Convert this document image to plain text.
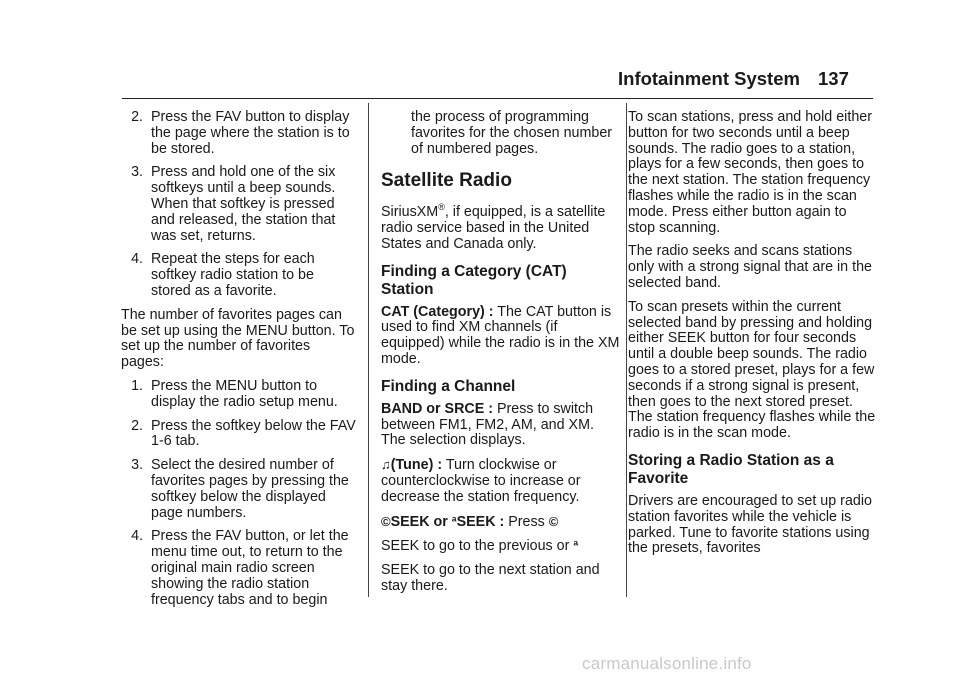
Infotainment System 137
2. Press the FAV button to display the page where the station is to be stored.
3. Press and hold one of the six softkeys until a beep sounds. When that softkey is pressed and released, the station that was set, returns.
4. Repeat the steps for each softkey radio station to be stored as a favorite.

The number of favorites pages can be set up using the MENU button. To set up the number of favorites pages:

1. Press the MENU button to display the radio setup menu.
2. Press the softkey below the FAV 1-6 tab.
3. Select the desired number of favorites pages by pressing the softkey below the displayed page numbers.
4. Press the FAV button, or let the menu time out, to return to the original main radio screen showing the radio station frequency tabs and to begin

the process of programming favorites for the chosen number of numbered pages.

Satellite Radio

SiriusXM®, if equipped, is a satellite radio service based in the United States and Canada only.

Finding a Category (CAT) Station

CAT (Category) : The CAT button is used to find XM channels (if equipped) while the radio is in the XM mode.

Finding a Channel

BAND or SRCE : Press to switch between FM1, FM2, AM, and XM. The selection displays.

♫(Tune) : Turn clockwise or counterclockwise to increase or decrease the station frequency.

©SEEK or ªSEEK : Press ©

SEEK to go to the previous or ª

SEEK to go to the next station and stay there.

To scan stations, press and hold either button for two seconds until a beep sounds. The radio goes to a station, plays for a few seconds, then goes to the next station. The station frequency flashes while the radio is in the scan mode. Press either button again to stop scanning.

The radio seeks and scans stations only with a strong signal that are in the selected band.

To scan presets within the current selected band by pressing and holding either SEEK button for four seconds until a double beep sounds. The radio goes to a stored preset, plays for a few seconds if a strong signal is present, then goes to the next stored preset. The station frequency flashes while the radio is in the scan mode.

Storing a Radio Station as a Favorite

Drivers are encouraged to set up radio station favorites while the vehicle is parked. Tune to favorite stations using the presets, favorites

carmanualsonline.info
